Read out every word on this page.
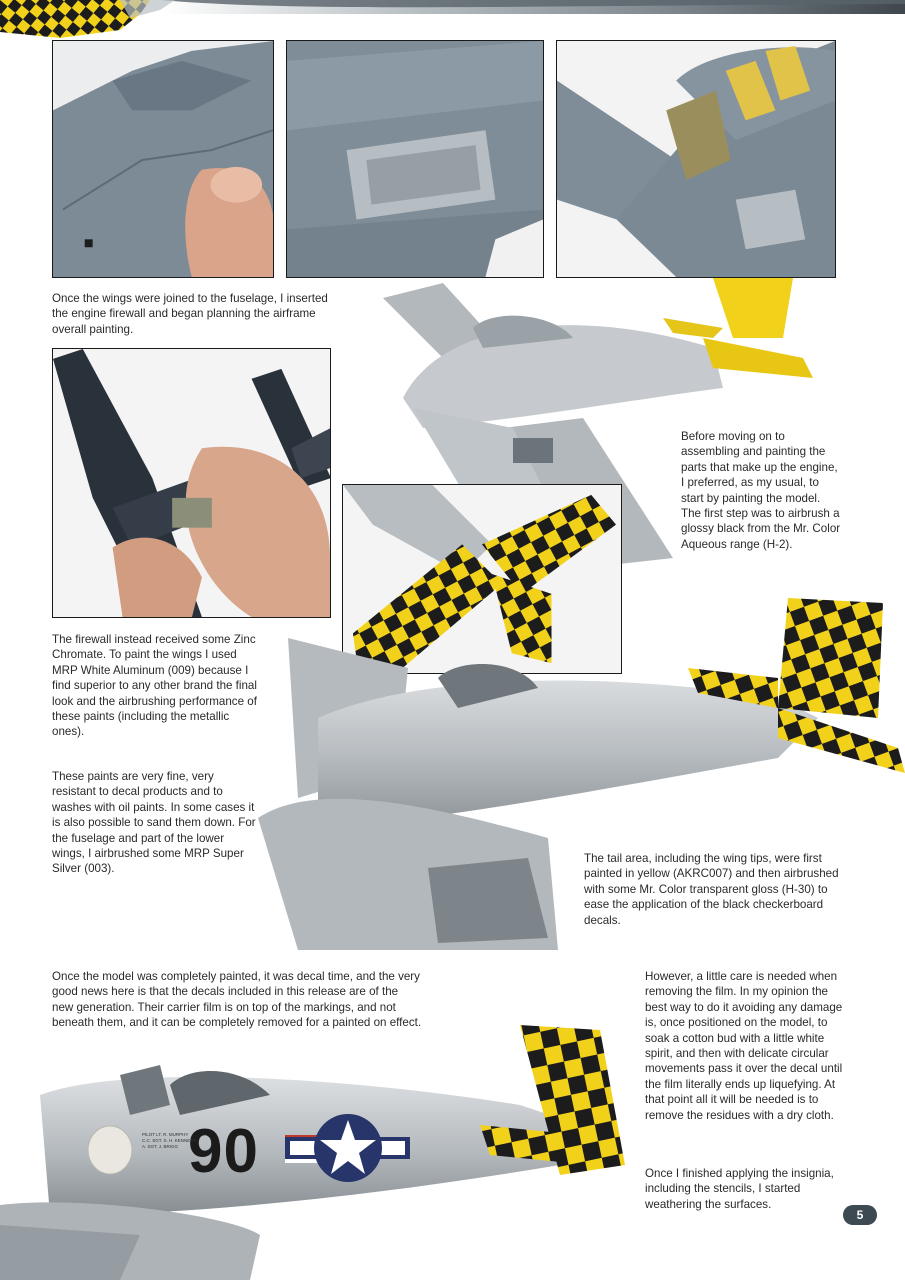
Once the wings were joined to the fuselage, I inserted the engine firewall and began planning the airframe overall painting.

Before moving on to assembling and painting the parts that make up the engine, I preferred, as my usual, to start by painting the model. The first step was to airbrush a glossy black from the Mr. Color Aqueous range (H-2).

The firewall instead received some Zinc Chromate. To paint the wings I used MRP White Aluminum (009) because I find superior to any other brand the final look and the airbrushing performance of these paints (including the metallic ones).

These paints are very fine, very resistant to decal products and to washes with oil paints. In some cases it is also possible to sand them down. For the fuselage and part of the lower wings, I airbrushed some MRP Super Silver (003).

The tail area, including the wing tips, were first painted in yellow (AKRC007) and then airbrushed with some Mr. Color transparent gloss (H-30) to ease the application of the black checkerboard decals.

Once the model was completely painted, it was decal time, and the very good news here is that the decals included in this release are of the new generation. Their carrier film is on top of the markings, and not beneath them, and it can be completely removed for a painted on effect.

However, a little care is needed when removing the film. In my opinion the best way to do it avoiding any damage is, once positioned on the model, to soak a cotton bud with a little white spirit, and then with delicate circular movements pass it over the decal until the film literally ends up liquefying. At that point all it will be needed is to remove the residues with a dry cloth.

Once I finished applying the insignia, including the stencils, I started weathering the surfaces.

90
PILOT LT. R. MURPHY
C.C. SGT. S. H. KENNEDY
A. SGT. J. BRIGG
5
